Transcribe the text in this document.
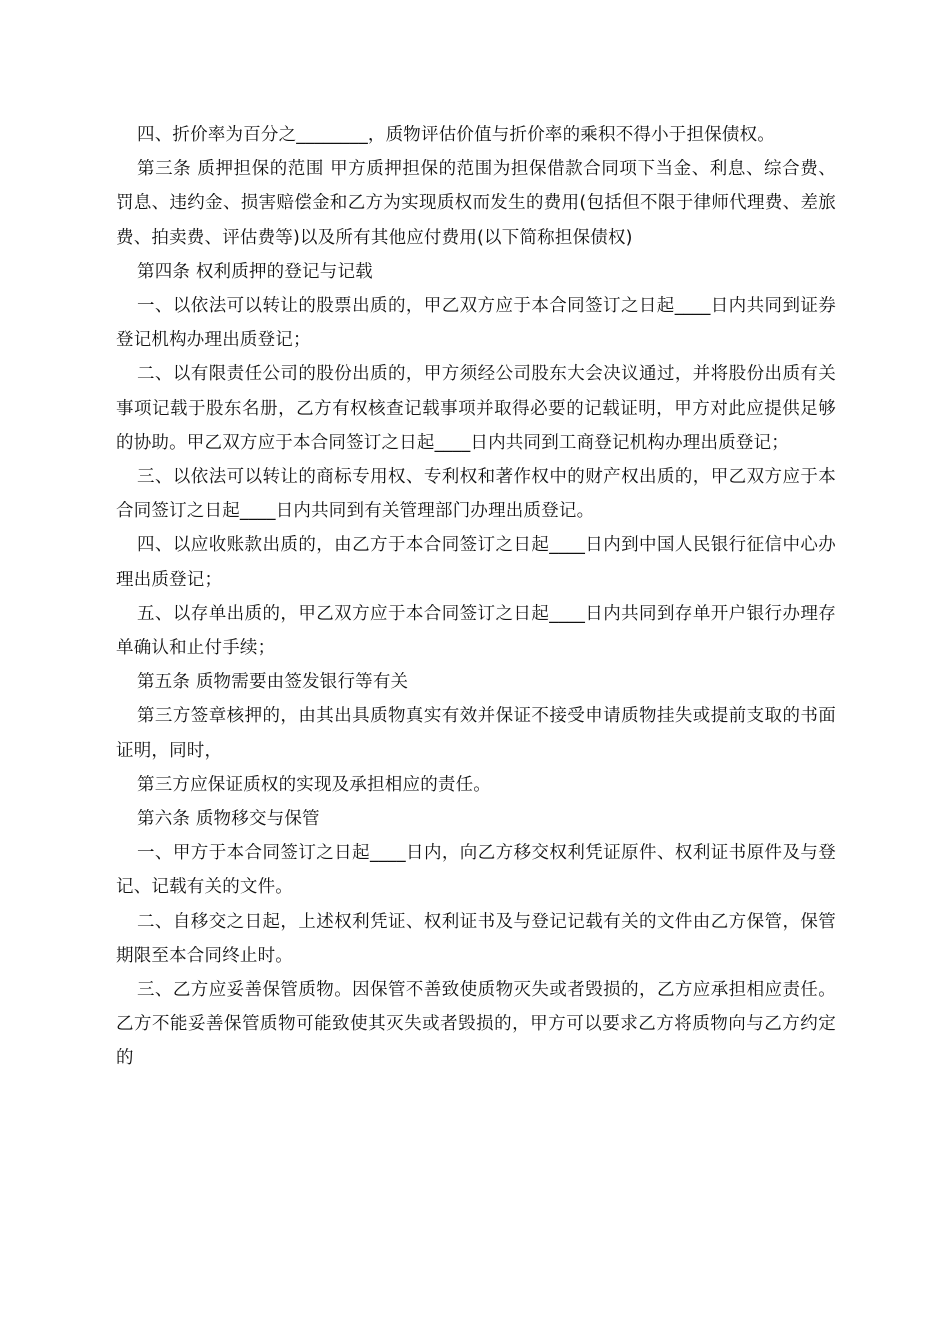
四、折价率为百分之________，质物评估价值与折价率的乘积不得小于担保债权。

第三条 质押担保的范围 甲方质押担保的范围为担保借款合同项下当金、利息、综合费、罚息、违约金、损害赔偿金和乙方为实现质权而发生的费用(包括但不限于律师代理费、差旅费、拍卖费、评估费等)以及所有其他应付费用(以下简称担保债权)

第四条 权利质押的登记与记载

一、以依法可以转让的股票出质的，甲乙双方应于本合同签订之日起____日内共同到证券登记机构办理出质登记；

二、以有限责任公司的股份出质的，甲方须经公司股东大会决议通过，并将股份出质有关事项记载于股东名册，乙方有权核查记载事项并取得必要的记载证明，甲方对此应提供足够的协助。甲乙双方应于本合同签订之日起____日内共同到工商登记机构办理出质登记；

三、以依法可以转让的商标专用权、专利权和著作权中的财产权出质的，甲乙双方应于本合同签订之日起____日内共同到有关管理部门办理出质登记。

四、以应收账款出质的，由乙方于本合同签订之日起____日内到中国人民银行征信中心办理出质登记；

五、以存单出质的，甲乙双方应于本合同签订之日起____日内共同到存单开户银行办理存单确认和止付手续；

第五条 质物需要由签发银行等有关

第三方签章核押的，由其出具质物真实有效并保证不接受申请质物挂失或提前支取的书面证明，同时，

第三方应保证质权的实现及承担相应的责任。

第六条 质物移交与保管

一、甲方于本合同签订之日起____日内，向乙方移交权利凭证原件、权利证书原件及与登记、记载有关的文件。

二、自移交之日起，上述权利凭证、权利证书及与登记记载有关的文件由乙方保管，保管期限至本合同终止时。

三、乙方应妥善保管质物。因保管不善致使质物灭失或者毁损的，乙方应承担相应责任。 乙方不能妥善保管质物可能致使其灭失或者毁损的，甲方可以要求乙方将质物向与乙方约定的
